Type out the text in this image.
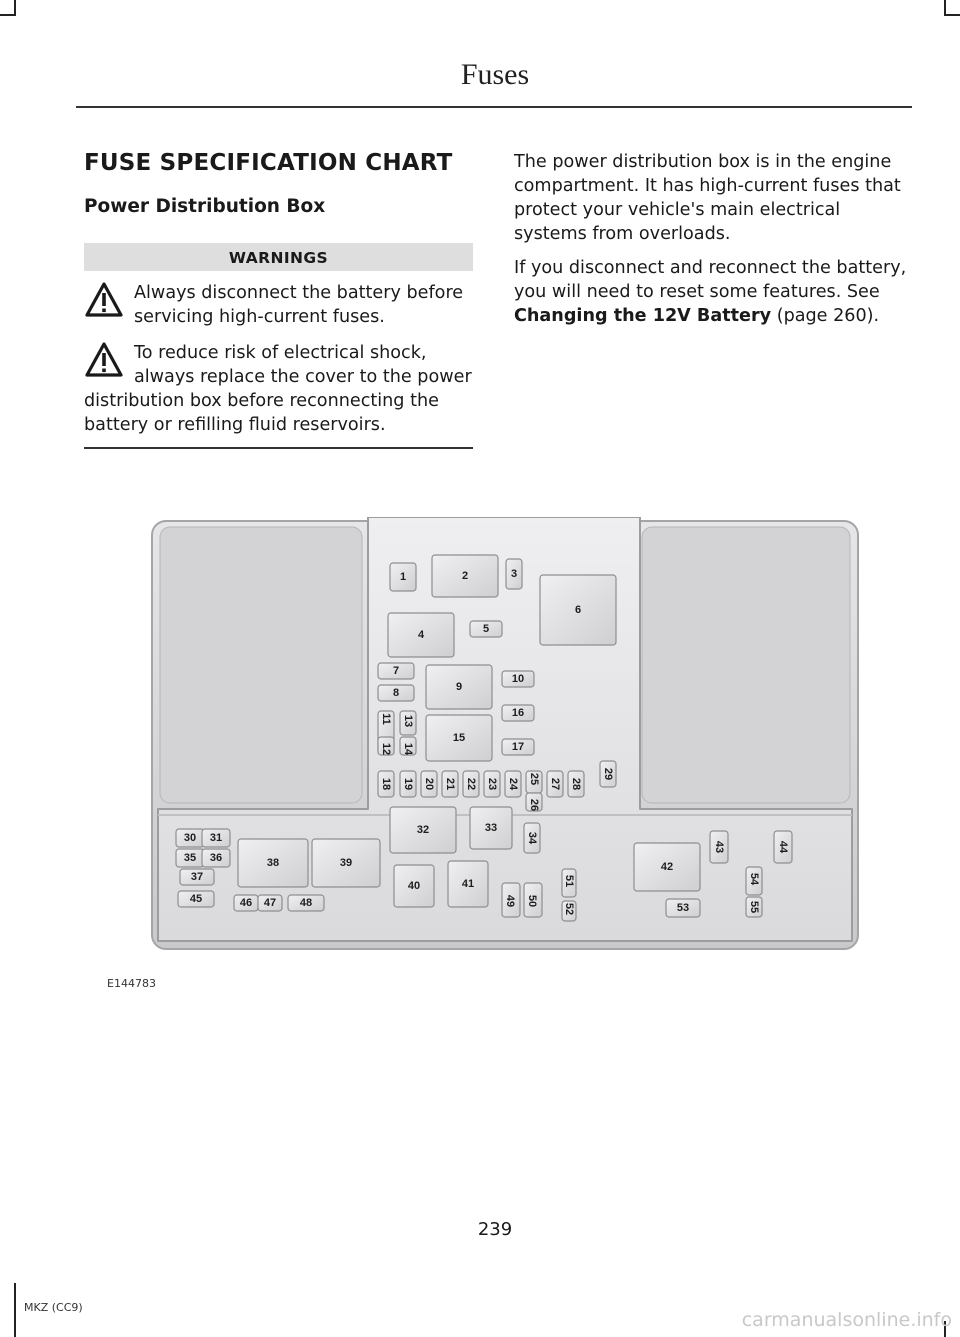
Fuses
FUSE SPECIFICATION CHART
Power Distribution Box
WARNINGS
Always disconnect the battery before servicing high-current fuses.
To reduce risk of electrical shock, always replace the cover to the power distribution box before reconnecting the battery or refilling fluid reservoirs.

The power distribution box is in the engine compartment. It has high-current fuses that protect your vehicle's main electrical systems from overloads.

If you disconnect and reconnect the battery, you will need to reset some features. See Changing the 12V Battery (page 260).

1	2	3
4	5
6
7
8	9
10
11
12
13
14
15
16
17
18 19 20 21 22 23 24 25
26
27 28
29
30 31
32	33
34
35 36
37
38	39
40	41
42
43	44
45	46 47 48	49 50
51
52	53
54
55
E144783
239
MKZ (CC9)
carmanualsonline.info
